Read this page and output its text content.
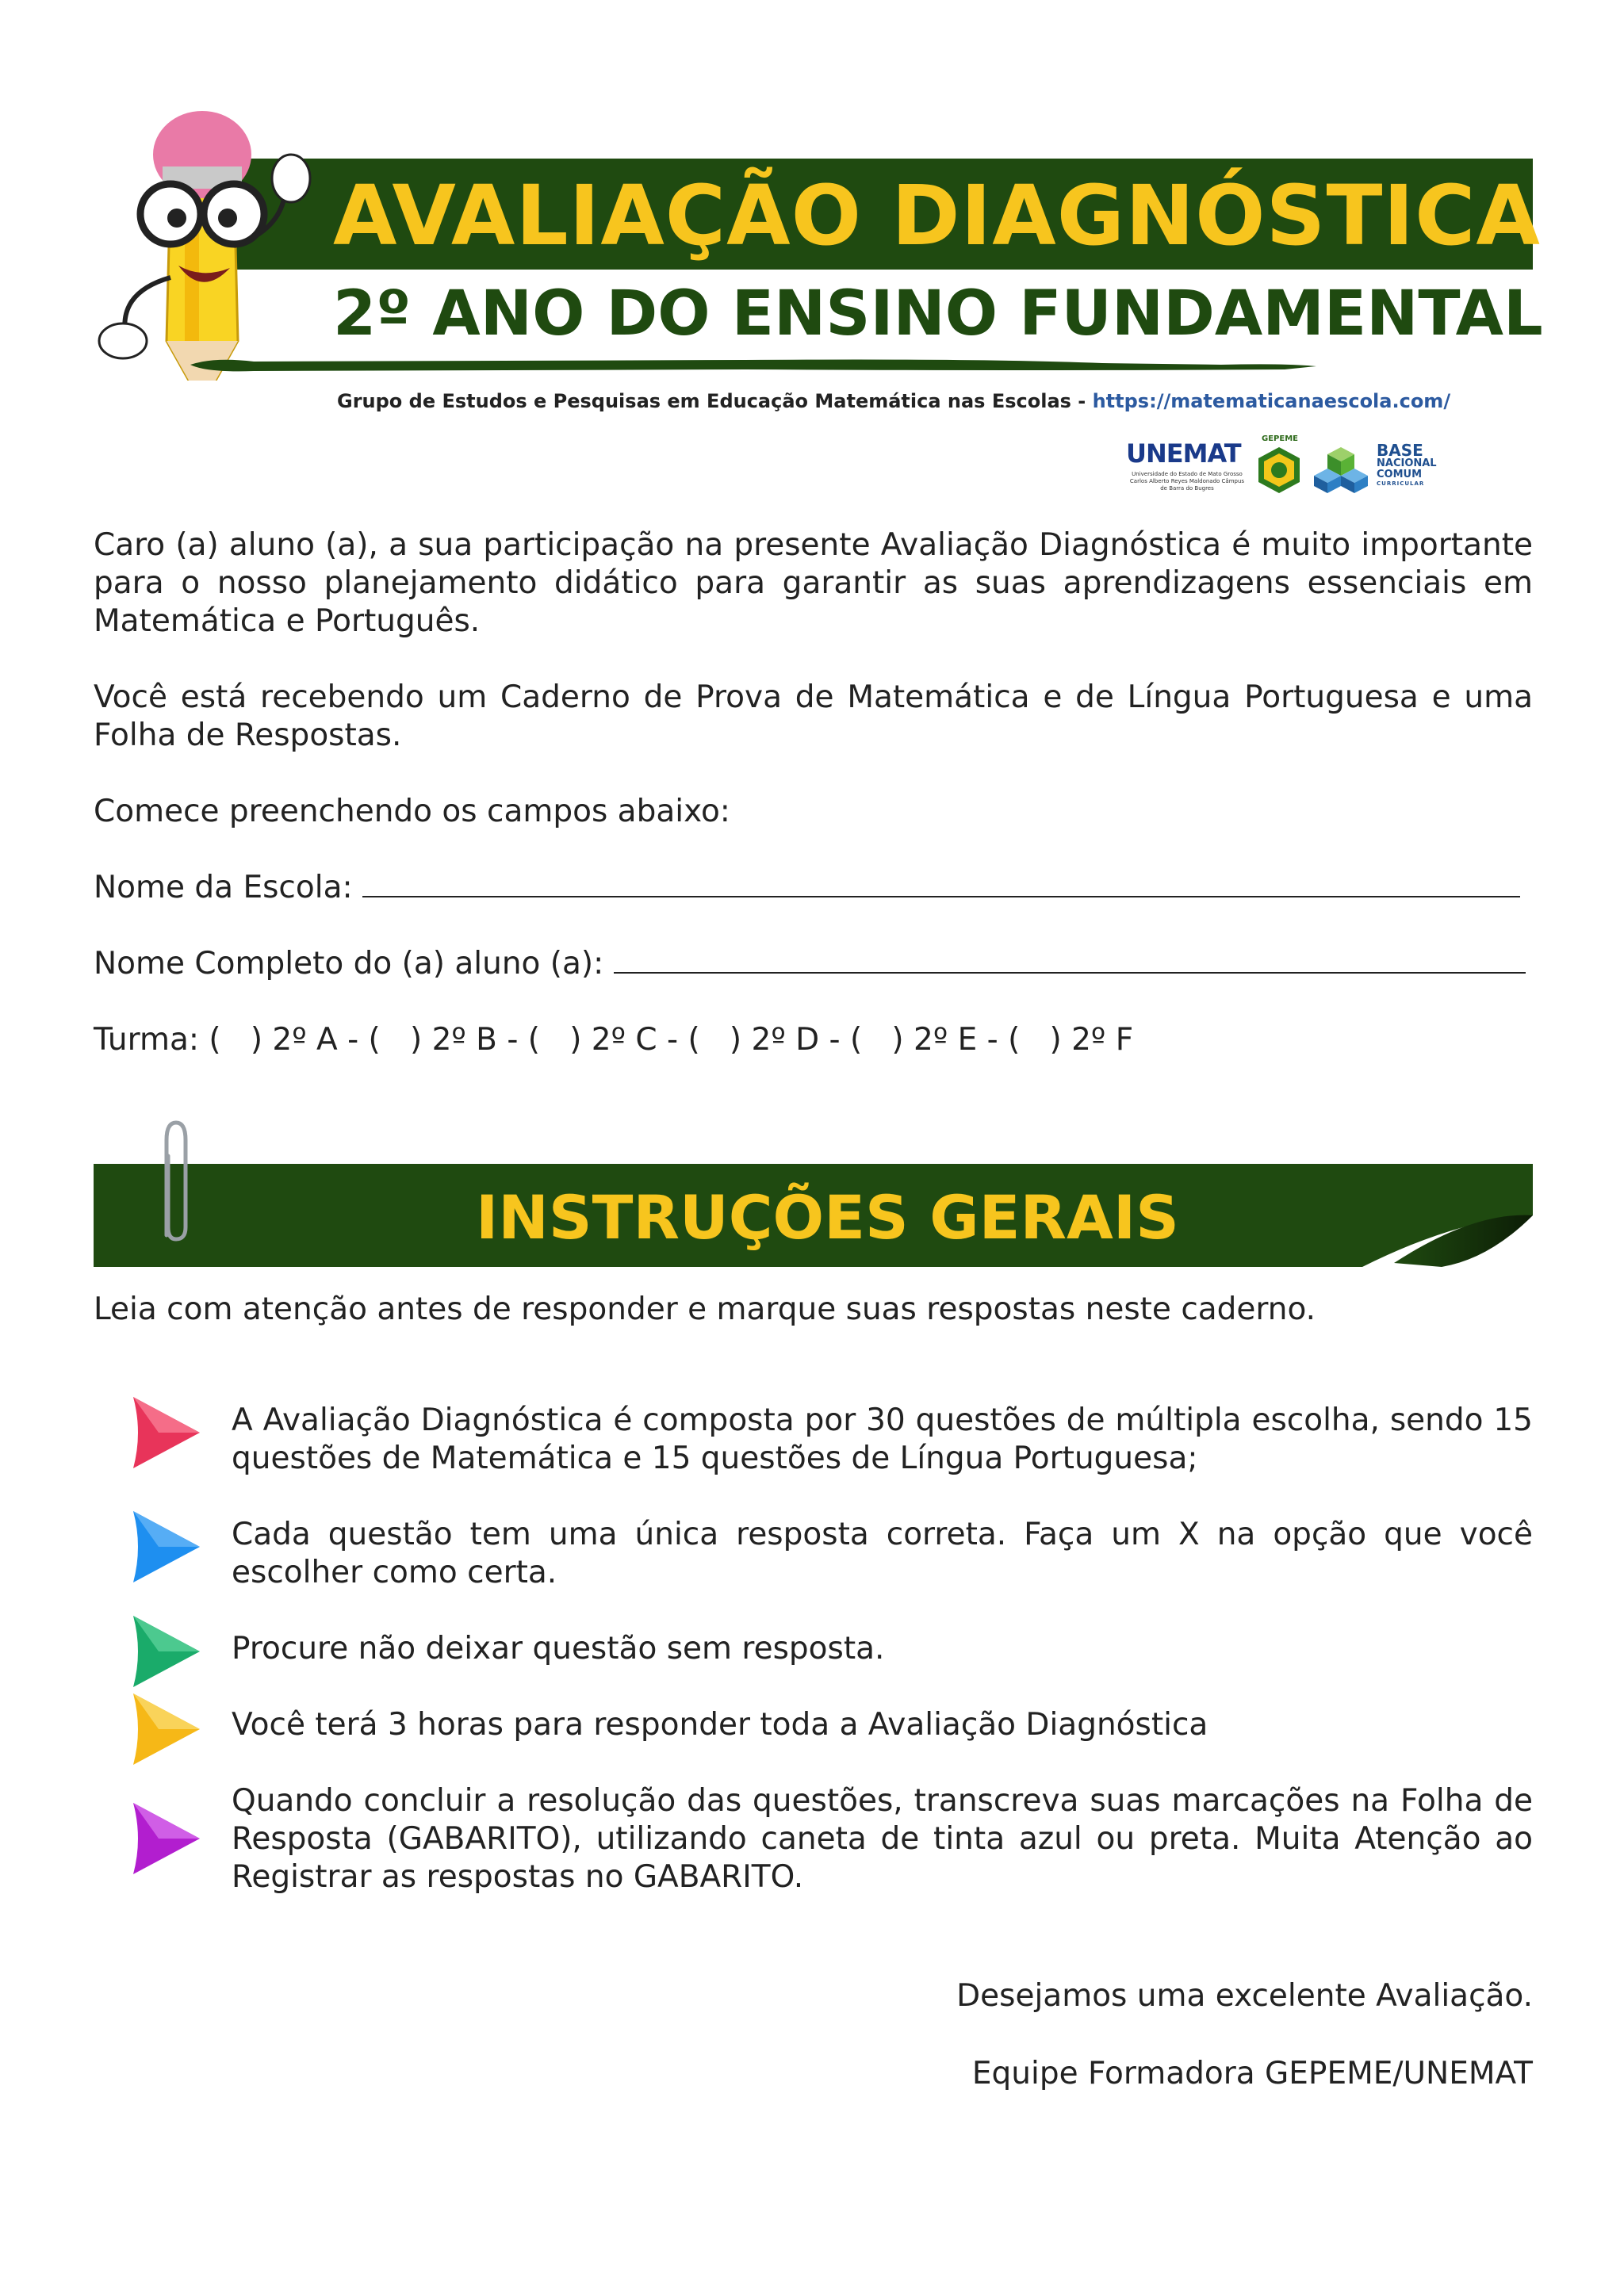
AVALIAÇÃO DIAGNÓSTICA
2º ANO DO ENSINO FUNDAMENTAL
Grupo de Estudos e Pesquisas em Educação Matemática nas Escolas - https://matematicanaescola.com/
UNEMAT
Universidade do Estado de Mato Grosso Carlos Alberto Reyes Maldonado Câmpus de Barra do Bugres
GEPEME
BASE
NACIONAL
COMUM
CURRICULAR
Caro (a) aluno (a), a sua participação na presente Avaliação Diagnóstica é muito importante para o nosso planejamento didático para garantir as suas aprendizagens essenciais em Matemática e Português.
Você está recebendo um Caderno de Prova de Matemática e de Língua Portuguesa e uma Folha de Respostas.
Comece preenchendo os campos abaixo:
Nome da Escola:
Nome Completo do (a) aluno (a):
Turma: (   ) 2º A - (   ) 2º B - (   ) 2º C - (   ) 2º D - (   ) 2º E - (   ) 2º F
INSTRUÇÕES GERAIS
Leia com atenção antes de responder e marque suas respostas neste caderno.
A Avaliação Diagnóstica é composta por 30 questões de múltipla escolha, sendo 15 questões de Matemática e 15 questões de Língua Portuguesa;
Cada questão tem uma única resposta correta. Faça um X na opção que você escolher como certa.
Procure não deixar questão sem resposta.
Você terá 3 horas para responder toda a Avaliação Diagnóstica
Quando concluir a resolução das questões, transcreva suas marcações na Folha de Resposta (GABARITO), utilizando caneta de tinta azul ou preta. Muita Atenção ao Registrar as respostas no GABARITO.
Desejamos uma excelente Avaliação.
Equipe Formadora GEPEME/UNEMAT
